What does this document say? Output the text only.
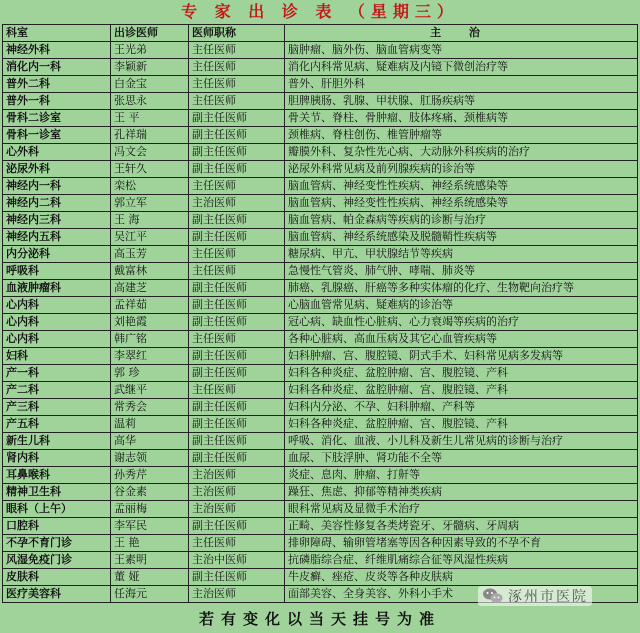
专 家 出 诊 表 （星期三）
科室	出诊医师	医师职称	主 治
神经外科	王光弟	主任医师	脑肿瘤、脑外伤、脑血管病变等
消化内一科	李颖新	主任医师	消化内科常见病、疑难病及内镜下微创治疗等
普外二科	白金宝	主任医师	普外、肝胆外科
普外一科	张思永	主任医师	胆脾胰肠、乳腺、甲状腺、肛肠疾病等
骨科二诊室	王 平	副主任医师	骨关节、脊柱、骨肿瘤、肢体疼痛、颈椎病等
骨科一诊室	孔祥瑞	副主任医师	颈椎病、脊柱创伤、椎管肿瘤等
心外科	冯文会	副主任医师	瓣膜外科、复杂性先心病、大动脉外科疾病的治疗
泌尿外科	王轩久	副主任医师	泌尿外科常见病及前列腺疾病的诊治等
神经内一科	栾松	主任医师	脑血管病、神经变性性疾病、神经系统感染等
神经内二科	郭立军	主治医师	脑血管病、神经变性性疾病、神经系统感染等
神经内三科	王 海	副主任医师	脑血管病、帕金森病等疾病的诊断与治疗
神经内五科	吴江平	副主任医师	脑血管病、神经系统感染及脱髓鞘性疾病等
内分泌科	高玉芳	主任医师	糖尿病、甲亢、甲状腺结节等疾病
呼吸科	戴富林	主任医师	急慢性气管炎、肺气肿、哮喘、肺炎等
血液肿瘤科	高建芝	副主任医师	肺癌、乳腺癌、肝癌等多种实体瘤的化疗、生物靶向治疗等
心内科	孟祥茹	副主任医师	心脑血管常见病、疑难病的诊治等
心内科	刘艳霞	副主任医师	冠心病、缺血性心脏病、心力衰竭等疾病的治疗
心内科	韩广铭	主任医师	各种心脏病、高血压病及其它心血管疾病等
妇科	李翠红	副主任医师	妇科肿瘤、宫、腹腔镜、阴式手术、妇科常见病多发病等
产一科	郭 珍	副主任医师	妇科各种炎症、盆腔肿瘤、宫、腹腔镜、产科
产二科	武继平	主任医师	妇科各种炎症、盆腔肿瘤、宫、腹腔镜、产科
产三科	常秀会	副主任医师	妇科内分泌、不孕、妇科肿瘤、产科等
产五科	温莉	副主任医师	妇科各种炎症、盆腔肿瘤、宫、腹腔镜、产科
新生儿科	高华	副主任医师	呼吸、消化、血液、小儿科及新生儿常见病的诊断与治疗
肾内科	谢志领	副主任医师	血尿、下肢浮肿、肾功能不全等
耳鼻喉科	孙秀芹	主治医师	炎症、息肉、肿瘤、打鼾等
精神卫生科	谷金素	主治医师	躁狂、焦虑、抑郁等精神类疾病
眼科（上午）	孟丽梅	主治医师	眼科常见病及显微手术治疗
口腔科	李军民	副主任医师	正畸、美容性修复各类烤瓷牙、牙髓病、牙周病
不孕不育门诊	王 艳	主任医师	排卵障碍、输卵管堵塞等因各种因素导致的不孕不育
风湿免疫门诊	王素明	主治中医师	抗磷脂综合症、纤维肌痛综合征等风湿性疾病
皮肤科	董 娅	副主任医师	牛皮癣、痤疮、皮炎等各种皮肤病
医疗美容科	任海元	主治医师	面部美容、全身美容、外科小手术	涿州市医院
若有变化以当天挂号为准
